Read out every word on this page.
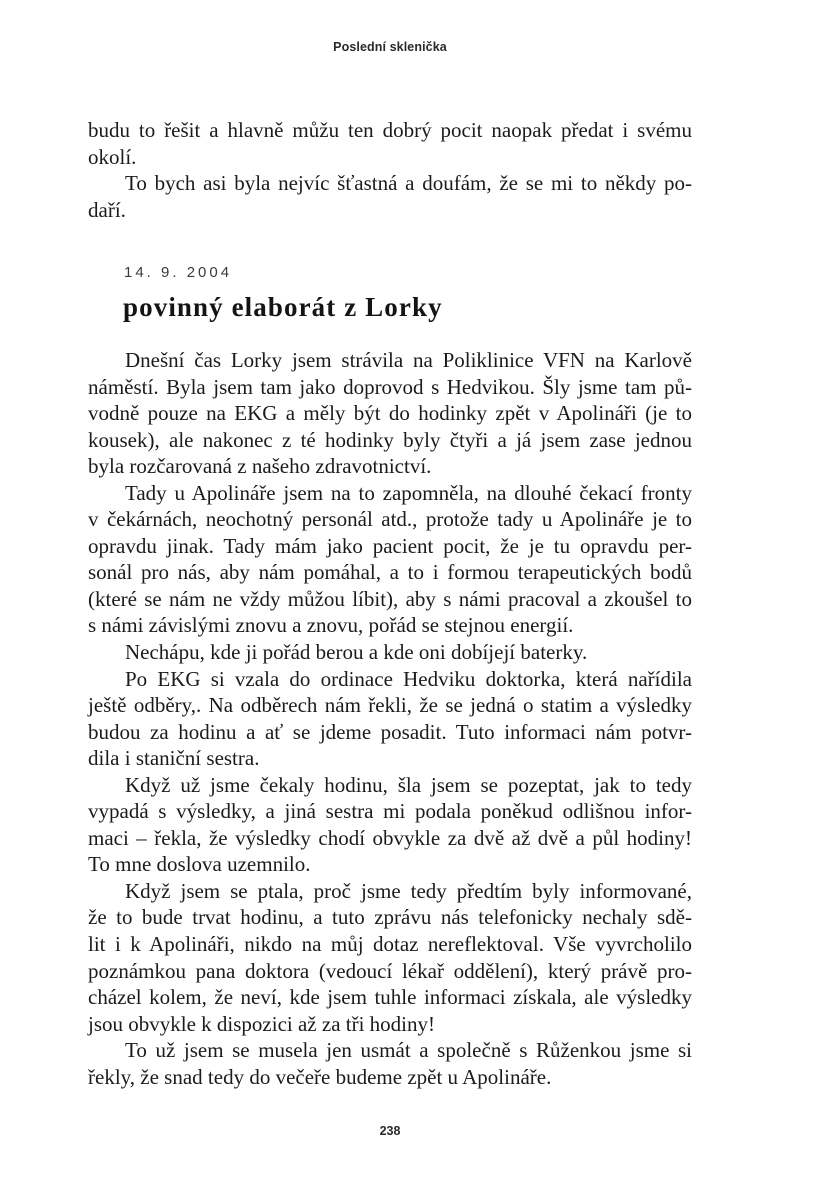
Poslední sklenička
budu to řešit a hlavně můžu ten dobrý pocit naopak předat i svému
okolí.
To bych asi byla nejvíc šťastná a doufám, že se mi to někdy po-
daří.
14. 9. 2004
povinný elaborát z Lorky
Dnešní čas Lorky jsem strávila na Poliklinice VFN na Karlově
náměstí. Byla jsem tam jako doprovod s Hedvikou. Šly jsme tam pů-
vodně pouze na EKG a měly být do hodinky zpět v Apolináři (je to
kousek), ale nakonec z té hodinky byly čtyři a já jsem zase jednou
byla rozčarovaná z našeho zdravotnictví.
Tady u Apolináře jsem na to zapomněla, na dlouhé čekací fronty
v čekárnách, neochotný personál atd., protože tady u Apolináře je to
opravdu jinak. Tady mám jako pacient pocit, že je tu opravdu per-
sonál pro nás, aby nám pomáhal, a to i formou terapeutických bodů
(které se nám ne vždy můžou líbit), aby s námi pracoval a zkoušel to
s námi závislými znovu a znovu, pořád se stejnou energií.
Nechápu, kde ji pořád berou a kde oni dobíjejí baterky.
Po EKG si vzala do ordinace Hedviku doktorka, která nařídila
ještě odběry,. Na odběrech nám řekli, že se jedná o statim a výsledky
budou za hodinu a ať se jdeme posadit. Tuto informaci nám potvr-
dila i staniční sestra.
Když už jsme čekaly hodinu, šla jsem se pozeptat, jak to tedy
vypadá s výsledky, a jiná sestra mi podala poněkud odlišnou infor-
maci – řekla, že výsledky chodí obvykle za dvě až dvě a půl hodiny!
To mne doslova uzemnilo.
Když jsem se ptala, proč jsme tedy předtím byly informované,
že to bude trvat hodinu, a tuto zprávu nás telefonicky nechaly sdě-
lit i k Apolináři, nikdo na můj dotaz nereflektoval. Vše vyvrcholilo
poznámkou pana doktora (vedoucí lékař oddělení), který právě pro-
cházel kolem, že neví, kde jsem tuhle informaci získala, ale výsledky
jsou obvykle k dispozici až za tři hodiny!
To už jsem se musela jen usmát a společně s Růženkou jsme si
řekly, že snad tedy do večeře budeme zpět u Apolináře.
238
